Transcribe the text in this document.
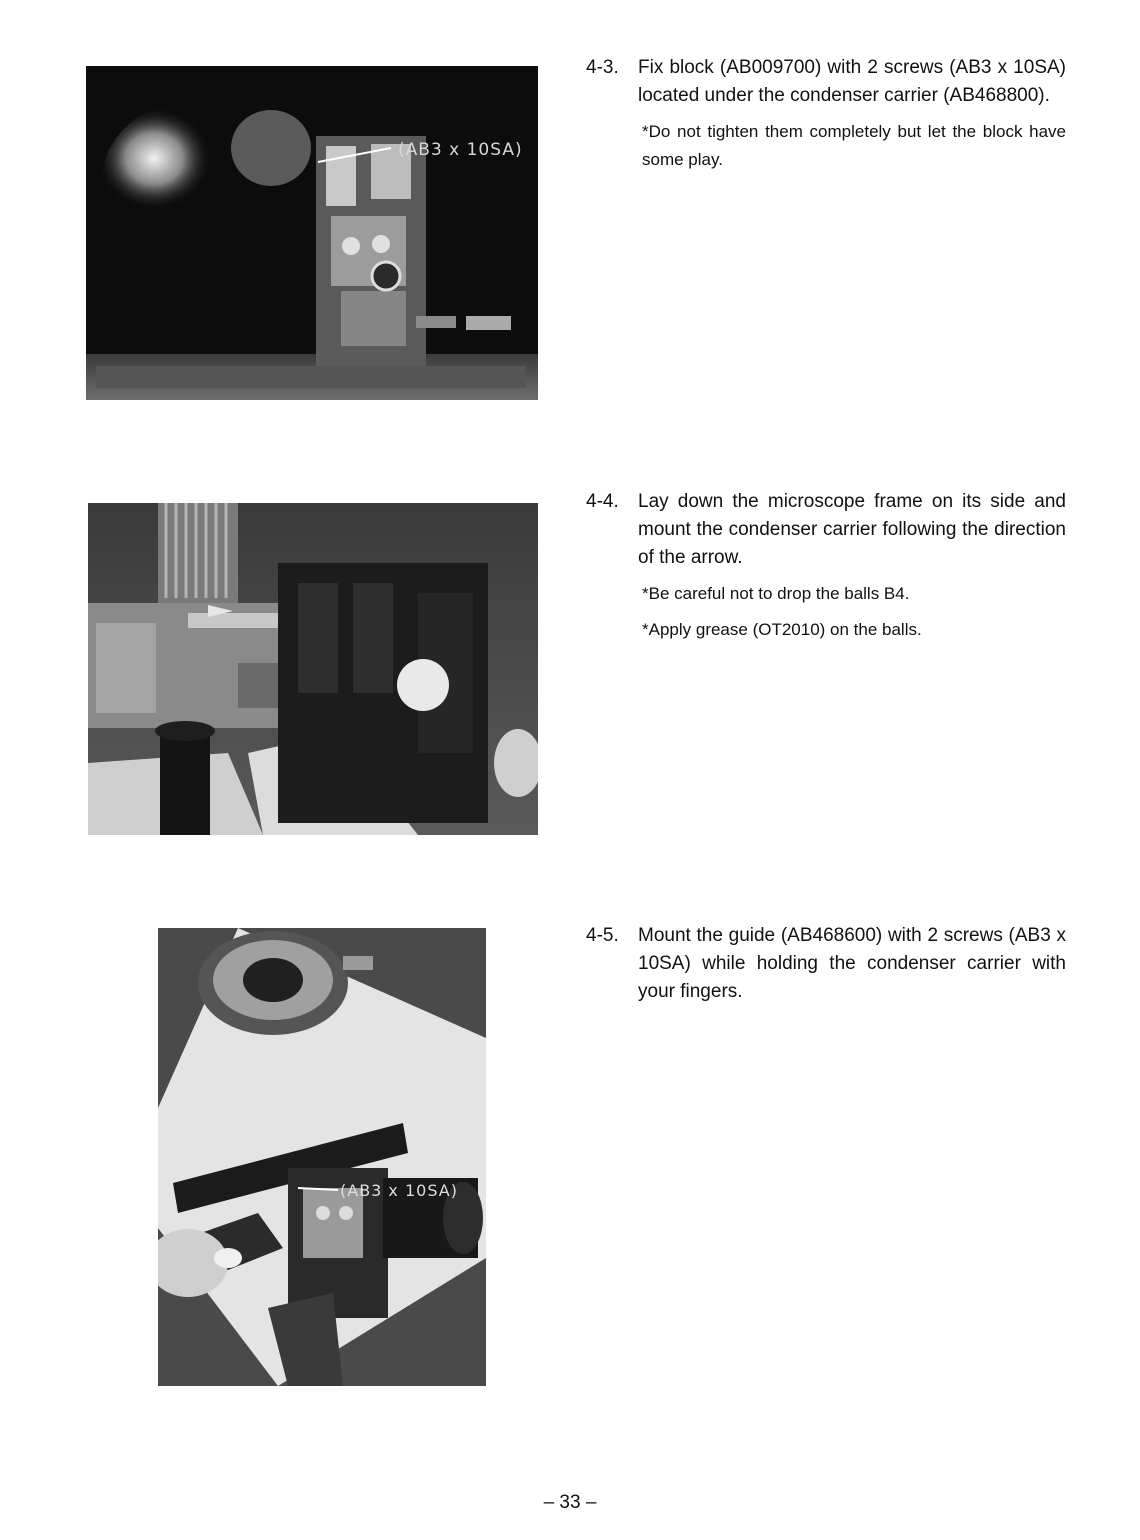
(AB3 x 10SA)
(AB3 x 10SA)
4-3. Fix block (AB009700) with 2 screws (AB3 x 10SA) located under the condenser carrier (AB468800).
*Do not tighten them completely but let the block have some play.
4-4. Lay down the microscope frame on its side and mount the condenser carrier following the direction of the arrow.
*Be careful not to drop the balls B4.
*Apply grease (OT2010) on the balls.
4-5. Mount the guide (AB468600) with 2 screws (AB3 x 10SA) while holding the condenser carrier with your fingers.
– 33 –
